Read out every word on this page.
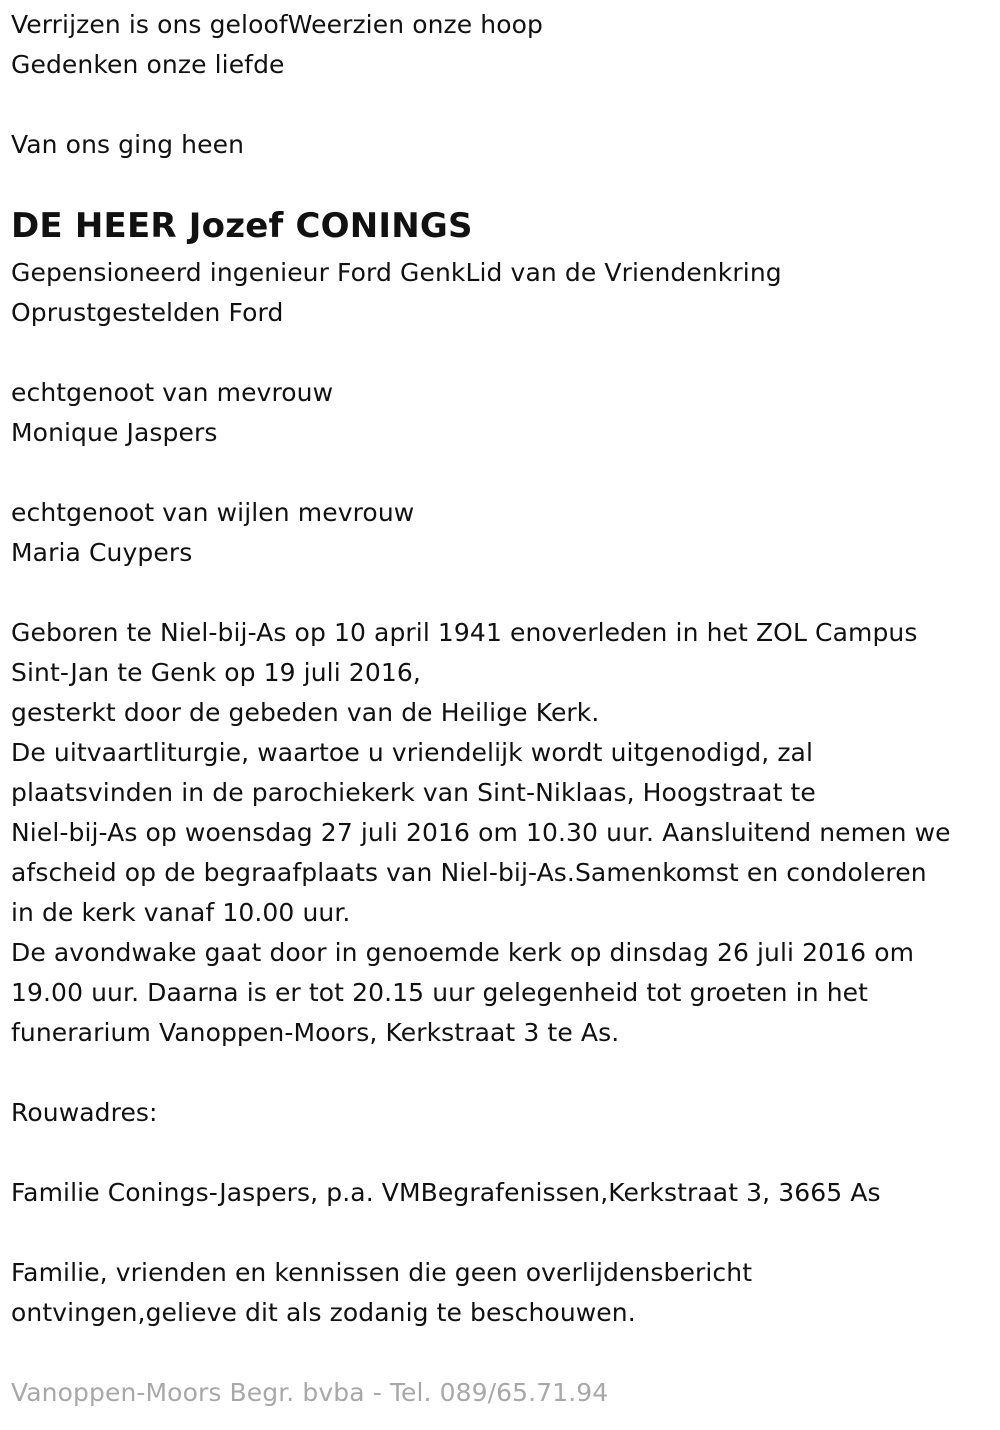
Verrijzen is ons geloofWeerzien onze hoop
Gedenken onze liefde
Van ons ging heen
DE HEER Jozef CONINGS
Gepensioneerd ingenieur Ford GenkLid van de Vriendenkring
Oprustgestelden Ford
echtgenoot van mevrouw
Monique Jaspers
echtgenoot van wijlen mevrouw
Maria Cuypers
Geboren te Niel-bij-As op 10 april 1941 enoverleden in het ZOL Campus
Sint-Jan te Genk op 19 juli 2016,
gesterkt door de gebeden van de Heilige Kerk.
De uitvaartliturgie, waartoe u vriendelijk wordt uitgenodigd, zal
plaatsvinden in de parochiekerk van Sint-Niklaas, Hoogstraat te
Niel-bij-As op woensdag 27 juli 2016 om 10.30 uur. Aansluitend nemen we
afscheid op de begraafplaats van Niel-bij-As.Samenkomst en condoleren
in de kerk vanaf 10.00 uur.
De avondwake gaat door in genoemde kerk op dinsdag 26 juli 2016 om
19.00 uur. Daarna is er tot 20.15 uur gelegenheid tot groeten in het
funerarium Vanoppen-Moors, Kerkstraat 3 te As.
Rouwadres:
Familie Conings-Jaspers, p.a. VMBegrafenissen,Kerkstraat 3, 3665 As
Familie, vrienden en kennissen die geen overlijdensbericht
ontvingen,gelieve dit als zodanig te beschouwen.
Vanoppen-Moors Begr. bvba - Tel. 089/65.71.94
